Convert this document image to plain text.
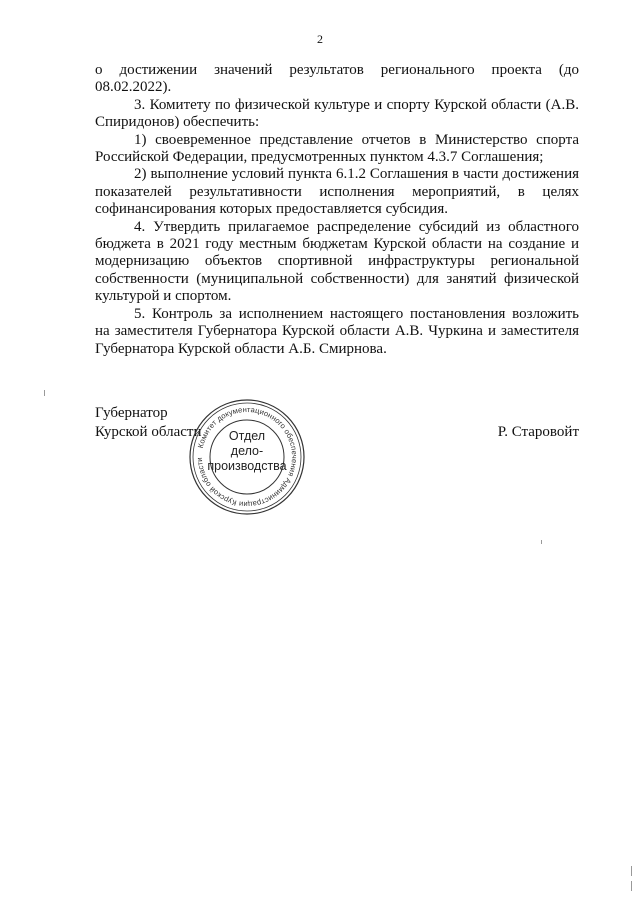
2

о достижении значений результатов регионального проекта (до 08.02.2022).

3. Комитету по физической культуре и спорту Курской области (А.В. Спиридонов) обеспечить:

1) своевременное представление отчетов в Министерство спорта Российской Федерации, предусмотренных пунктом 4.3.7 Соглашения;

2) выполнение условий пункта 6.1.2 Соглашения в части достижения показателей результативности исполнения мероприятий, в целях софинансирования которых предоставляется субсидия.

4. Утвердить прилагаемое распределение субсидий из областного бюджета в 2021 году местным бюджетам Курской области на создание и модернизацию объектов спортивной инфраструктуры региональной собственности (муниципальной собственности) для занятий физической культурой и спортом.

5. Контроль за исполнением настоящего постановления возложить на заместителя Губернатора Курской области А.В. Чуркина и заместителя Губернатора Курской области А.Б. Смирнова.

Губернатор
Курской области	Р. Старовойт
Комитет документационного обеспечения Администрации Курской области
Отдел
дело-
производства
